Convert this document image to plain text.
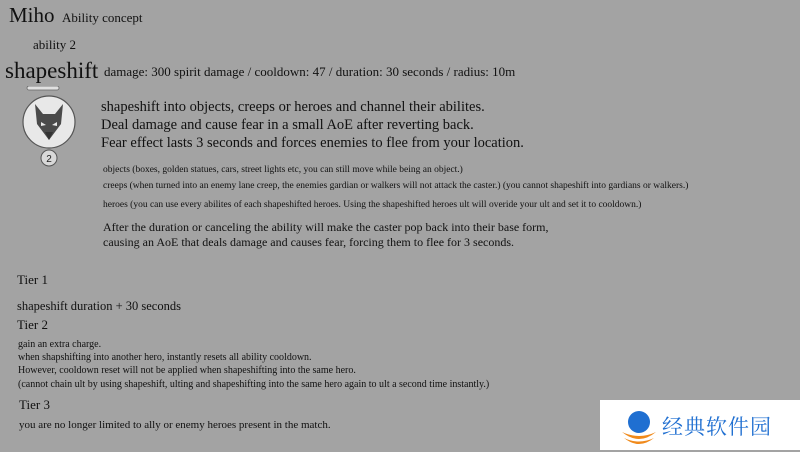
Miho Ability concept
ability 2
shapeshift damage: 300 spirit damage / cooldown: 47 / duration: 30 seconds / radius: 10m
2
shapeshift into objects, creeps or heroes and channel their abilites.
Deal damage and cause fear in a small AoE after reverting back.
Fear effect lasts 3 seconds and forces enemies to flee from your location.
objects (boxes, golden statues, cars, street lights etc, you can still move while being an object.)
creeps (when turned into an enemy lane creep, the enemies gardian or walkers will not attack the caster.) (you cannot shapeshift into gardians or walkers.)
heroes (you can use every abilites of each shapeshifted heroes. Using the shapeshifted heroes ult will overide your ult and set it to cooldown.)
After the duration or canceling the ability will make the caster pop back into their base form,
causing an AoE that deals damage and causes fear, forcing them to flee for 3 seconds.
Tier 1
shapeshift duration + 30 seconds
Tier 2
gain an extra charge.
when shapshifting into another hero, instantly resets all ability cooldown.
However, cooldown reset will not be applied when shapeshifting into the same hero.
(cannot chain ult by using shapeshift, ulting and shapeshifting into the same hero again to ult a second time instantly.)
Tier 3
you are no longer limited to ally or enemy heroes present in the match.	经典软件园
